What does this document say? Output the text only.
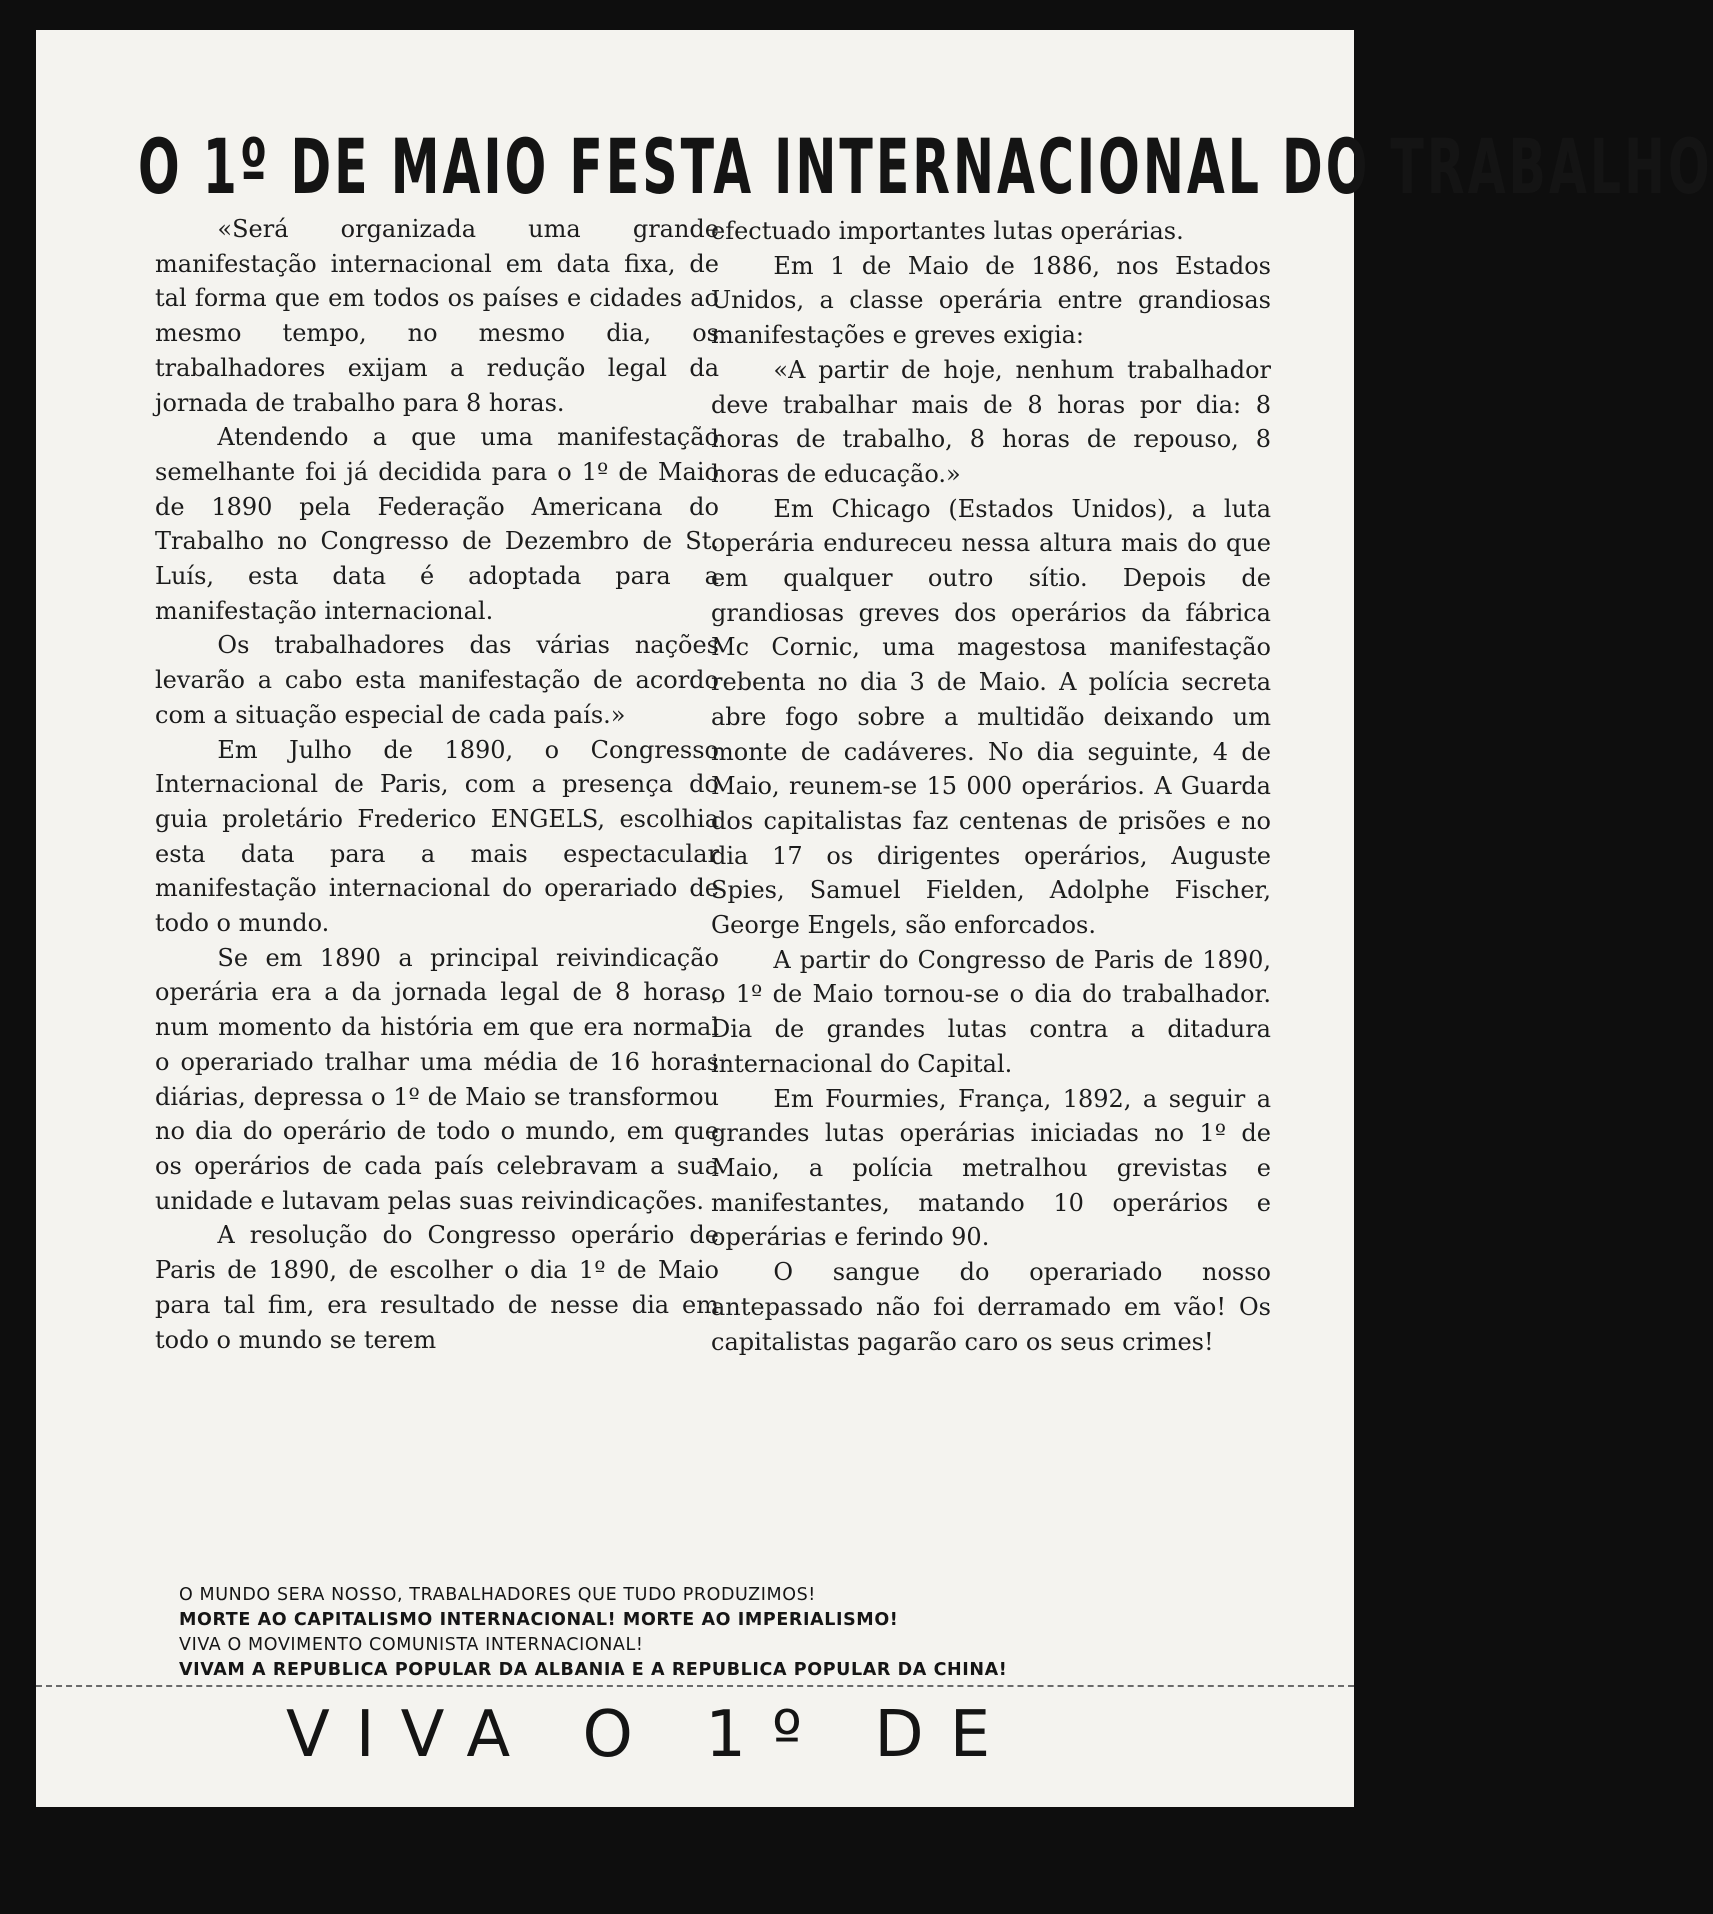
O 1º DE MAIO FESTA INTERNACIONAL DO TRABALHO

«Será organizada uma grande manifestação internacional em data fixa, de tal forma que em todos os países e cidades ao mesmo tempo, no mesmo dia, os trabalhadores exijam a redução legal da jornada de trabalho para 8 horas.

Atendendo a que uma manifestação semelhante foi já decidida para o 1º de Maio de 1890 pela Federação Americana do Trabalho no Congresso de Dezembro de St. Luís, esta data é adoptada para a manifestação internacional.

Os trabalhadores das várias nações levarão a cabo esta manifestação de acordo com a situação especial de cada país.»

Em Julho de 1890, o Congresso Internacional de Paris, com a presença do guia proletário Frederico ENGELS, escolhia esta data para a mais espectacular manifestação internacional do operariado de todo o mundo.

Se em 1890 a principal reivindicação operária era a da jornada legal de 8 horas, num momento da história em que era normal o operariado tralhar uma média de 16 horas diárias, depressa o 1º de Maio se transformou no dia do operário de todo o mundo, em que os operários de cada país celebravam a sua unidade e lutavam pelas suas reivindicações.

A resolução do Congresso operário de Paris de 1890, de escolher o dia 1º de Maio para tal fim, era resultado de nesse dia em todo o mundo se terem

efectuado importantes lutas operárias.

Em 1 de Maio de 1886, nos Estados Unidos, a classe operária entre grandiosas manifestações e greves exigia:

«A partir de hoje, nenhum trabalhador deve trabalhar mais de 8 horas por dia: 8 horas de trabalho, 8 horas de repouso, 8 horas de educação.»

Em Chicago (Estados Unidos), a luta operária endureceu nessa altura mais do que em qualquer outro sítio. Depois de grandiosas greves dos operários da fábrica Mc Cornic, uma magestosa manifestação rebenta no dia 3 de Maio. A polícia secreta abre fogo sobre a multidão deixando um monte de cadáveres. No dia seguinte, 4 de Maio, reunem-se 15 000 operários. A Guarda dos capitalistas faz centenas de prisões e no dia 17 os dirigentes operários, Auguste Spies, Samuel Fielden, Adolphe Fischer, George Engels, são enforcados.

A partir do Congresso de Paris de 1890, o 1º de Maio tornou-se o dia do trabalhador. Dia de grandes lutas contra a ditadura internacional do Capital.

Em Fourmies, França, 1892, a seguir a grandes lutas operárias iniciadas no 1º de Maio, a polícia metralhou grevistas e manifestantes, matando 10 operários e operárias e ferindo 90.

O sangue do operariado nosso antepassado não foi derramado em vão! Os capitalistas pagarão caro os seus crimes!

O MUNDO SERA NOSSO, TRABALHADORES QUE TUDO PRODUZIMOS!
MORTE AO CAPITALISMO INTERNACIONAL! MORTE AO IMPERIALISMO!
VIVA O MOVIMENTO COMUNISTA INTERNACIONAL!
VIVAM A REPUBLICA POPULAR DA ALBANIA E A REPUBLICA POPULAR DA CHINA!
VIVA O 1º DE
